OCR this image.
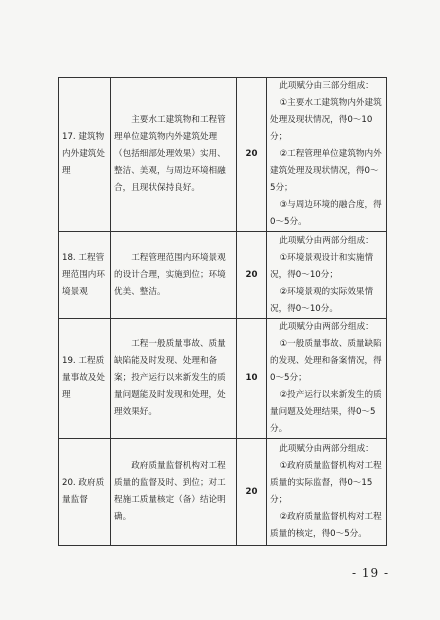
17. 建筑物内外建筑处理	主要水工建筑物和工程管理单位建筑物内外建筑处理（包括细部处理效果）实用、整洁、美观，与周边环境相融合，且现状保持良好。	20	此项赋分由三部分组成：
①主要水工建筑物内外建筑处理及现状情况，得0～10分；
②工程管理单位建筑物内外建筑处理及现状情况，得0～5分；
③与周边环境的融合度，得0～5分。

18. 工程管理范围内环境景观	工程管理范围内环境景观的设计合理，实施到位；环境优美、整洁。	20	此项赋分由两部分组成：
①环境景观设计和实施情况，得0～10分；
②环境景观的实际效果情况，得0～10分。

19. 工程质量事故及处理	工程一般质量事故、质量缺陷能及时发现、处理和备案；投产运行以来新发生的质量问题能及时发现和处理，处理效果好。	10	此项赋分由两部分组成：
①一般质量事故、质量缺陷的发现、处理和备案情况，得0～5分；
②投产运行以来新发生的质量问题及处理结果，得0～5分。

20. 政府质量监督	政府质量监督机构对工程质量的监督及时、到位；对工程施工质量核定（备）结论明确。	20	此项赋分由两部分组成：
①政府质量监督机构对工程质量的实际监督，得0～15分；
②政府质量监督机构对工程质量的核定，得0～5分。
- 19 -
